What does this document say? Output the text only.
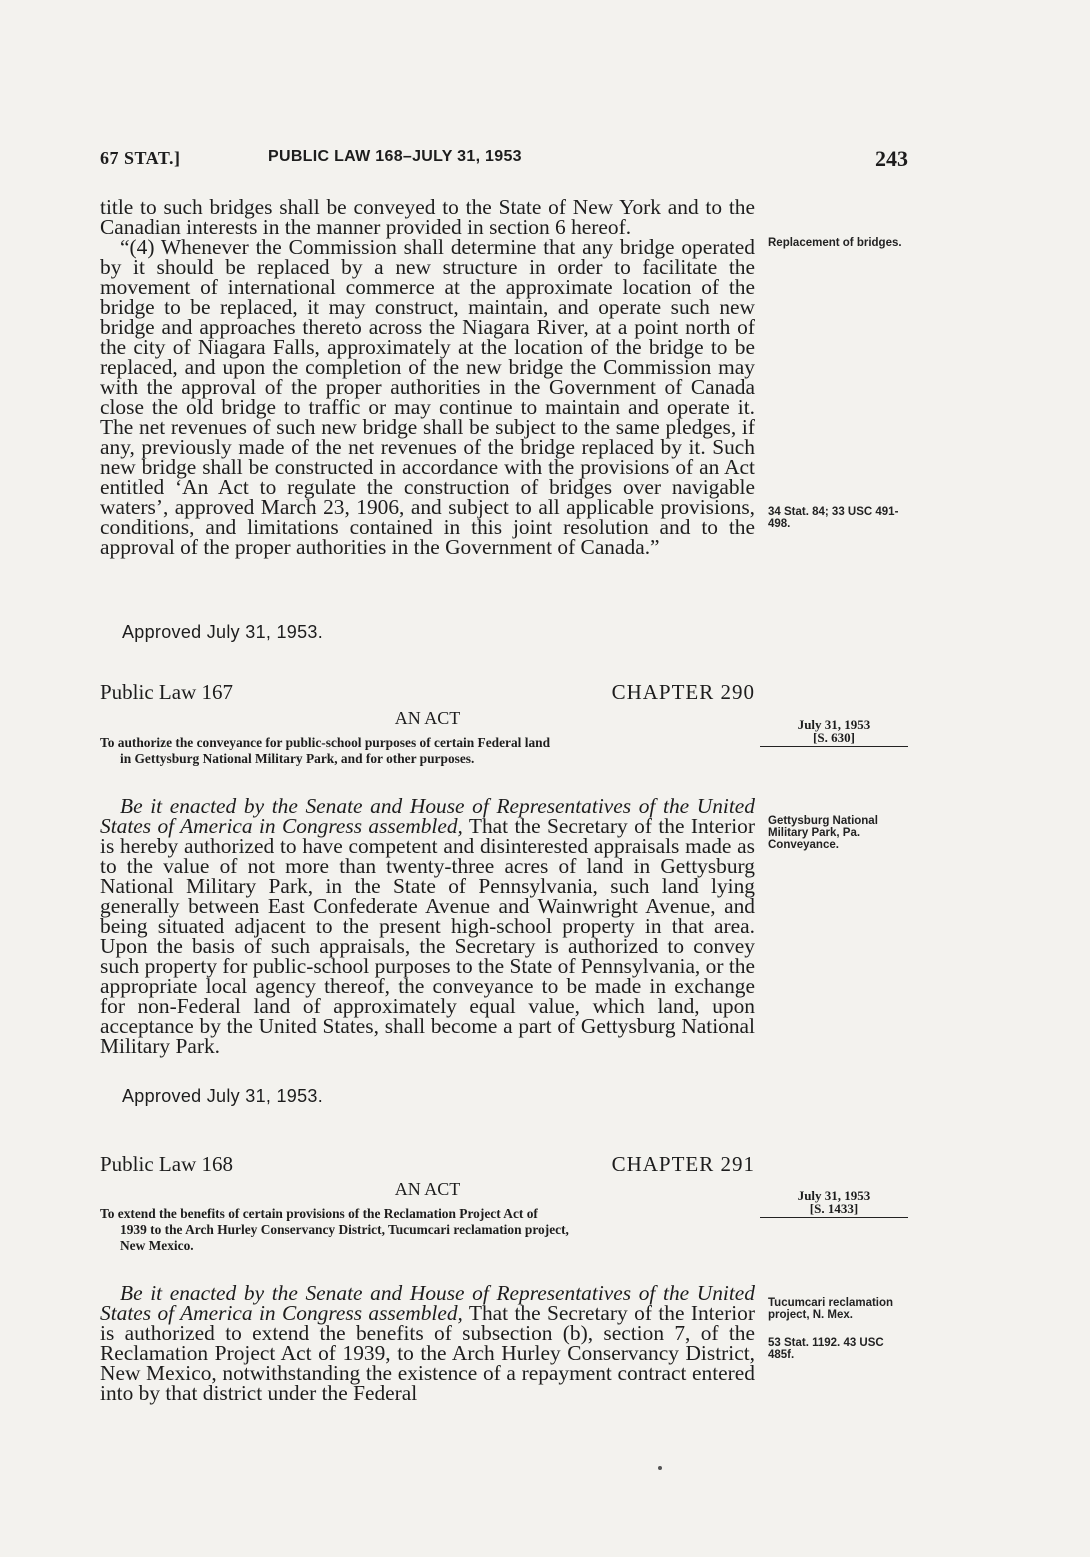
67 STAT.]	PUBLIC LAW 168–JULY 31, 1953	243

title to such bridges shall be conveyed to the State of New York and to the Canadian interests in the manner provided in section 6 hereof.

“(4) Whenever the Commission shall determine that any bridge operated by it should be replaced by a new structure in order to facilitate the movement of international commerce at the approximate location of the bridge to be replaced, it may construct, maintain, and operate such new bridge and approaches thereto across the Niagara River, at a point north of the city of Niagara Falls, approximately at the location of the bridge to be replaced, and upon the completion of the new bridge the Commission may with the approval of the proper authorities in the Government of Canada close the old bridge to traffic or may continue to maintain and operate it. The net revenues of such new bridge shall be subject to the same pledges, if any, previously made of the net revenues of the bridge replaced by it. Such new bridge shall be constructed in accordance with the provisions of an Act entitled ‘An Act to regulate the construction of bridges over navigable waters’, approved March 23, 1906, and subject to all applicable provisions, conditions, and limitations contained in this joint resolution and to the approval of the proper authorities in the Government of Canada.”

Approved July 31, 1953.
Replacement of bridges.
34 Stat. 84; 33 USC 491-498.
Public Law 167	CHAPTER 290
AN ACT
To authorize the conveyance for public-school purposes of certain Federal land
in Gettysburg National Military Park, and for other purposes.
July 31, 1953
[S. 630]

Be it enacted by the Senate and House of Representatives of the United States of America in Congress assembled, That the Secretary of the Interior is hereby authorized to have competent and disinterested appraisals made as to the value of not more than twenty-three acres of land in Gettysburg National Military Park, in the State of Pennsylvania, such land lying generally between East Confederate Avenue and Wainwright Avenue, and being situated adjacent to the present high-school property in that area. Upon the basis of such appraisals, the Secretary is authorized to convey such property for public-school purposes to the State of Pennsylvania, or the appropriate local agency thereof, the conveyance to be made in exchange for non-Federal land of approximately equal value, which land, upon acceptance by the United States, shall become a part of Gettysburg National Military Park.

Approved July 31, 1953.
Gettysburg National Military Park, Pa. Conveyance.
Public Law 168	CHAPTER 291
AN ACT
To extend the benefits of certain provisions of the Reclamation Project Act of
1939 to the Arch Hurley Conservancy District, Tucumcari reclamation project,
New Mexico.
July 31, 1953
[S. 1433]

Be it enacted by the Senate and House of Representatives of the United States of America in Congress assembled, That the Secretary of the Interior is authorized to extend the benefits of subsection (b), section 7, of the Reclamation Project Act of 1939, to the Arch Hurley Conservancy District, New Mexico, notwithstanding the existence of a repayment contract entered into by that district under the Federal

Tucumcari reclamation project, N. Mex.
53 Stat. 1192. 43 USC 485f.
